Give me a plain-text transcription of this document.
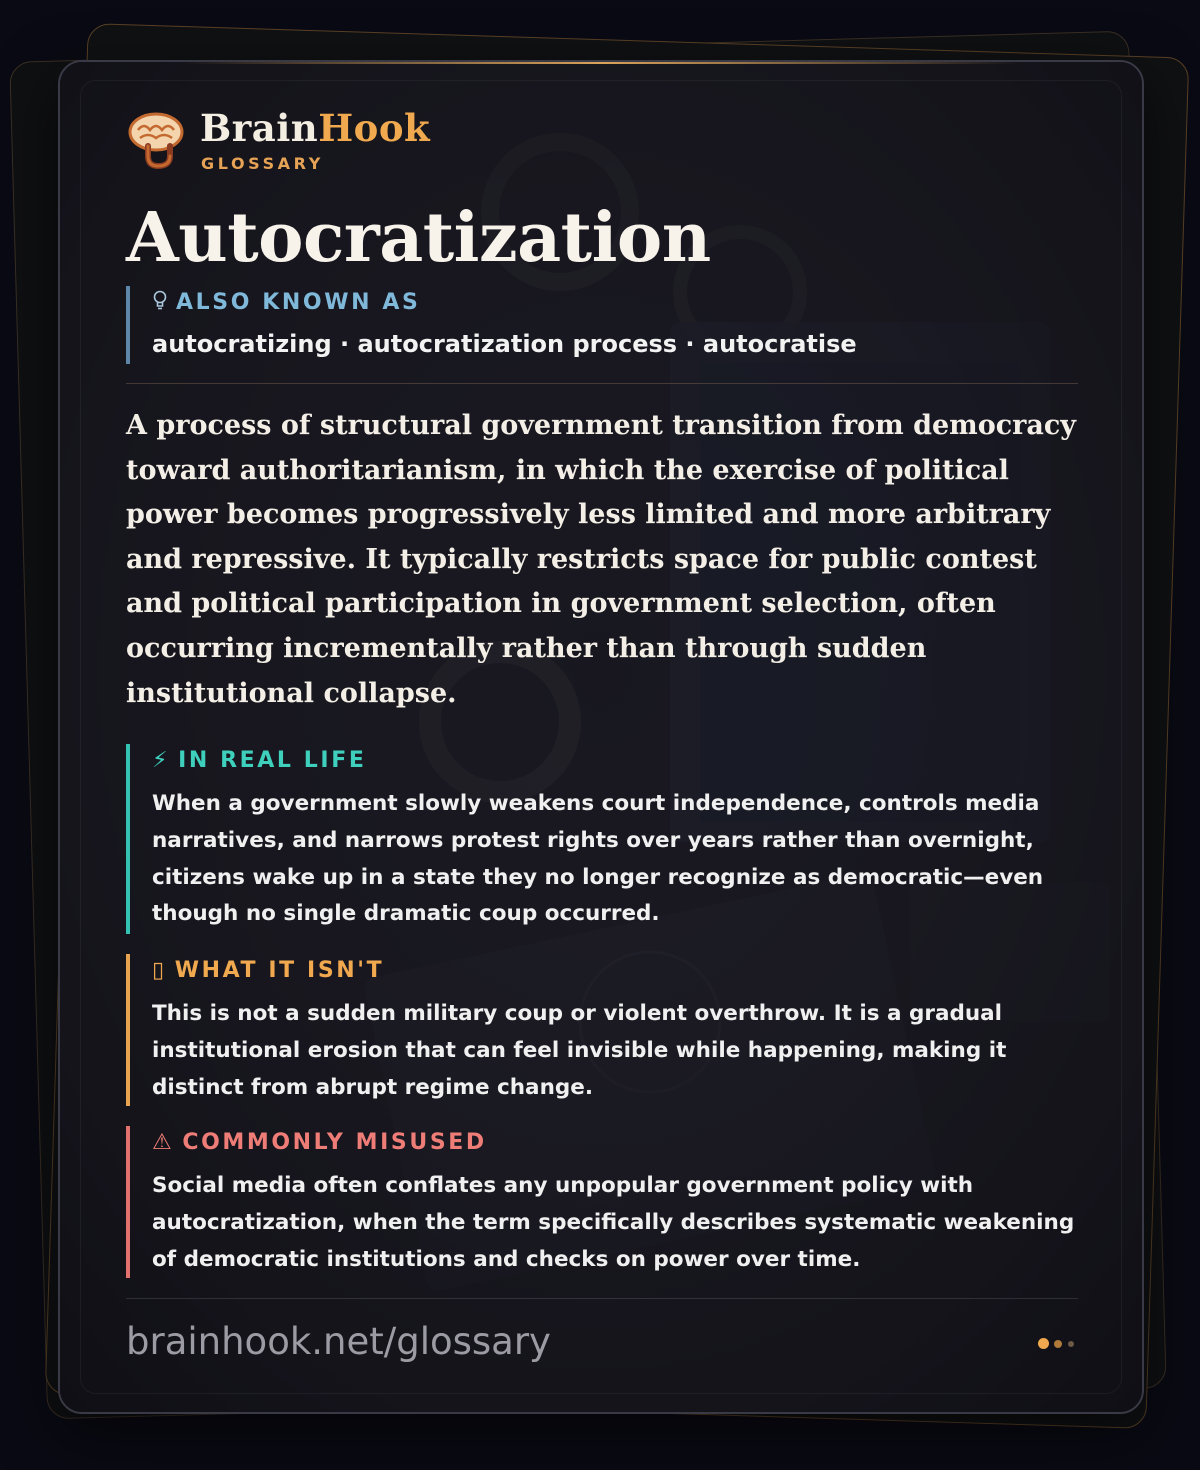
BrainHook
GLOSSARY
Autocratization
ALSO KNOWN AS
autocratizing · autocratization process · autocratise
A process of structural government transition from democracy toward authoritarianism, in which the exercise of political power becomes progressively less limited and more arbitrary and repressive. It typically restricts space for public contest and political participation in government selection, often occurring incrementally rather than through sudden institutional collapse.
⚡ IN REAL LIFE
When a government slowly weakens court independence, controls media narratives, and narrows protest rights over years rather than overnight, citizens wake up in a state they no longer recognize as democratic—even though no single dramatic coup occurred.
▯ WHAT IT ISN'T
This is not a sudden military coup or violent overthrow. It is a gradual institutional erosion that can feel invisible while happening, making it distinct from abrupt regime change.
⚠ COMMONLY MISUSED
Social media often conflates any unpopular government policy with autocratization, when the term specifically describes systematic weakening of democratic institutions and checks on power over time.
brainhook.net/glossary
